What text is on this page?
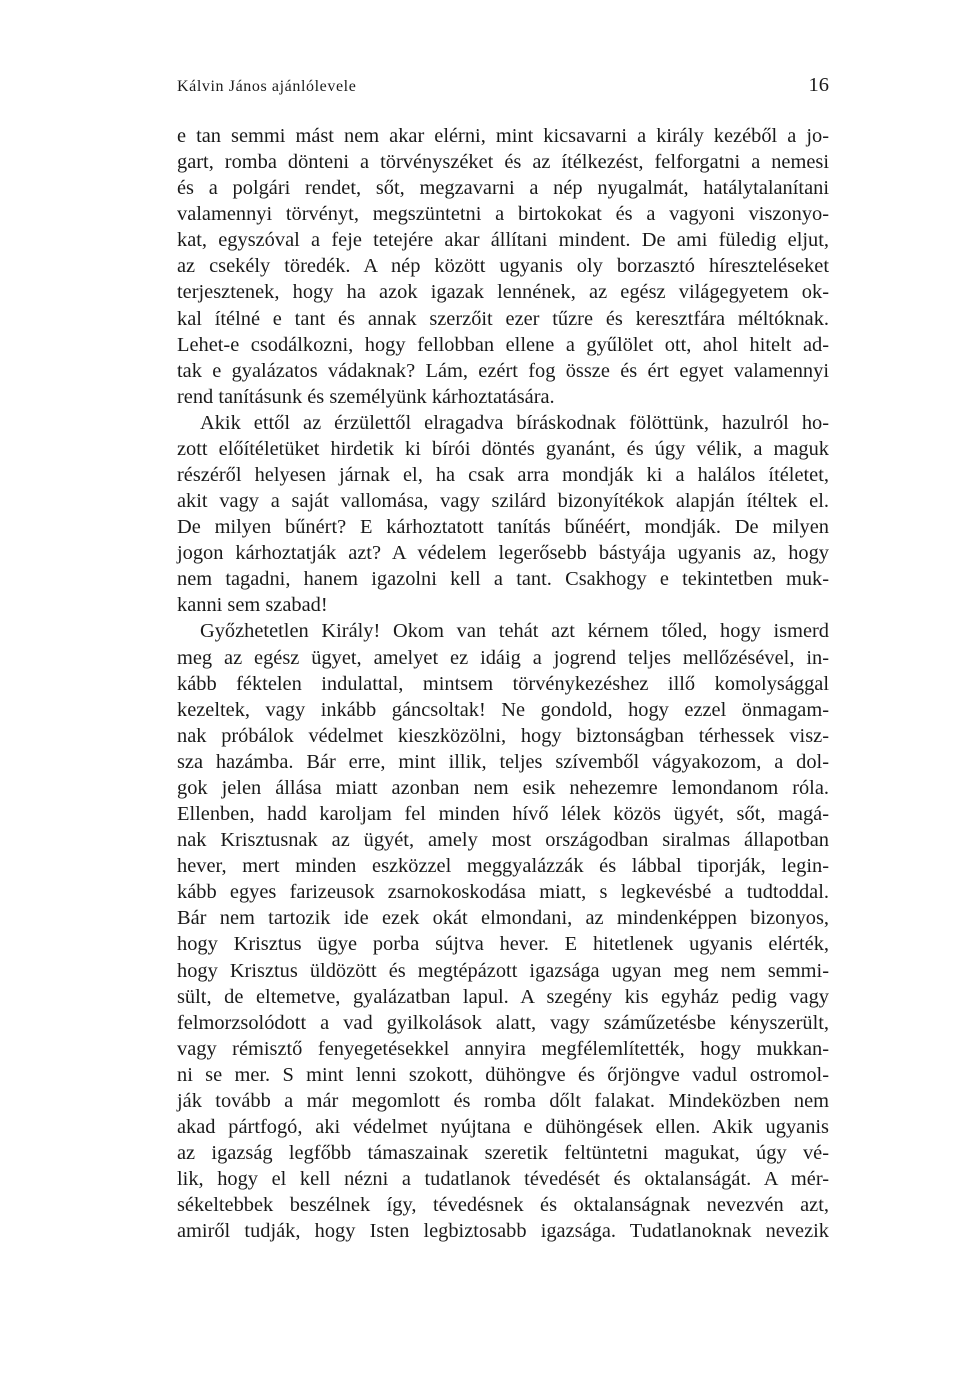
Kálvin János ajánlólevele	16
e tan semmi mást nem akar elérni, mint kicsavarni a király kezéből a jo-
gart, romba dönteni a törvényszéket és az ítélkezést, felforgatni a nemesi
és a polgári rendet, sőt, megzavarni a nép nyugalmát, hatálytalanítani
valamennyi törvényt, megszüntetni a birtokokat és a vagyoni viszonyo-
kat, egyszóval a feje tetejére akar állítani mindent. De ami füledig eljut,
az csekély töredék. A nép között ugyanis oly borzasztó híreszteléseket
terjesztenek, hogy ha azok igazak lennének, az egész világegyetem ok-
kal ítélné e tant és annak szerzőit ezer tűzre és keresztfára méltóknak.
Lehet-e csodálkozni, hogy fellobban ellene a gyűlölet ott, ahol hitelt ad-
tak e gyalázatos vádaknak? Lám, ezért fog össze és ért egyet valamennyi
rend tanításunk és személyünk kárhoztatására.
Akik ettől az érzülettől elragadva bíráskodnak fölöttünk, hazulról ho-
zott előítéletüket hirdetik ki bírói döntés gyanánt, és úgy vélik, a maguk
részéről helyesen járnak el, ha csak arra mondják ki a halálos ítéletet,
akit vagy a saját vallomása, vagy szilárd bizonyítékok alapján ítéltek el.
De milyen bűnért? E kárhoztatott tanítás bűnéért, mondják. De milyen
jogon kárhoztatják azt? A védelem legerősebb bástyája ugyanis az, hogy
nem tagadni, hanem igazolni kell a tant. Csakhogy e tekintetben muk-
kanni sem szabad!
Győzhetetlen Király! Okom van tehát azt kérnem tőled, hogy ismerd
meg az egész ügyet, amelyet ez idáig a jogrend teljes mellőzésével, in-
kább féktelen indulattal, mintsem törvénykezéshez illő komolysággal
kezeltek, vagy inkább gáncsoltak! Ne gondold, hogy ezzel önmagam-
nak próbálok védelmet kieszközölni, hogy biztonságban térhessek visz-
sza hazámba. Bár erre, mint illik, teljes szívemből vágyakozom, a dol-
gok jelen állása miatt azonban nem esik nehezemre lemondanom róla.
Ellenben, hadd karoljam fel minden hívő lélek közös ügyét, sőt, magá-
nak Krisztusnak az ügyét, amely most országodban siralmas állapotban
hever, mert minden eszközzel meggyalázzák és lábbal tiporják, legin-
kább egyes farizeusok zsarnokoskodása miatt, s legkevésbé a tudtoddal.
Bár nem tartozik ide ezek okát elmondani, az mindenképpen bizonyos,
hogy Krisztus ügye porba sújtva hever. E hitetlenek ugyanis elérték,
hogy Krisztus üldözött és megtépázott igazsága ugyan meg nem semmi-
sült, de eltemetve, gyalázatban lapul. A szegény kis egyház pedig vagy
felmorzsolódott a vad gyilkolások alatt, vagy száműzetésbe kényszerült,
vagy rémisztő fenyegetésekkel annyira megfélemlítették, hogy mukkan-
ni se mer. S mint lenni szokott, dühöngve és őrjöngve vadul ostromol-
ják tovább a már megomlott és romba dőlt falakat. Mindeközben nem
akad pártfogó, aki védelmet nyújtana e dühöngések ellen. Akik ugyanis
az igazság legfőbb támaszainak szeretik feltüntetni magukat, úgy vé-
lik, hogy el kell nézni a tudatlanok tévedését és oktalanságát. A mér-
sékeltebbek beszélnek így, tévedésnek és oktalanságnak nevezvén azt,
amiről tudják, hogy Isten legbiztosabb igazsága. Tudatlanoknak nevezik
